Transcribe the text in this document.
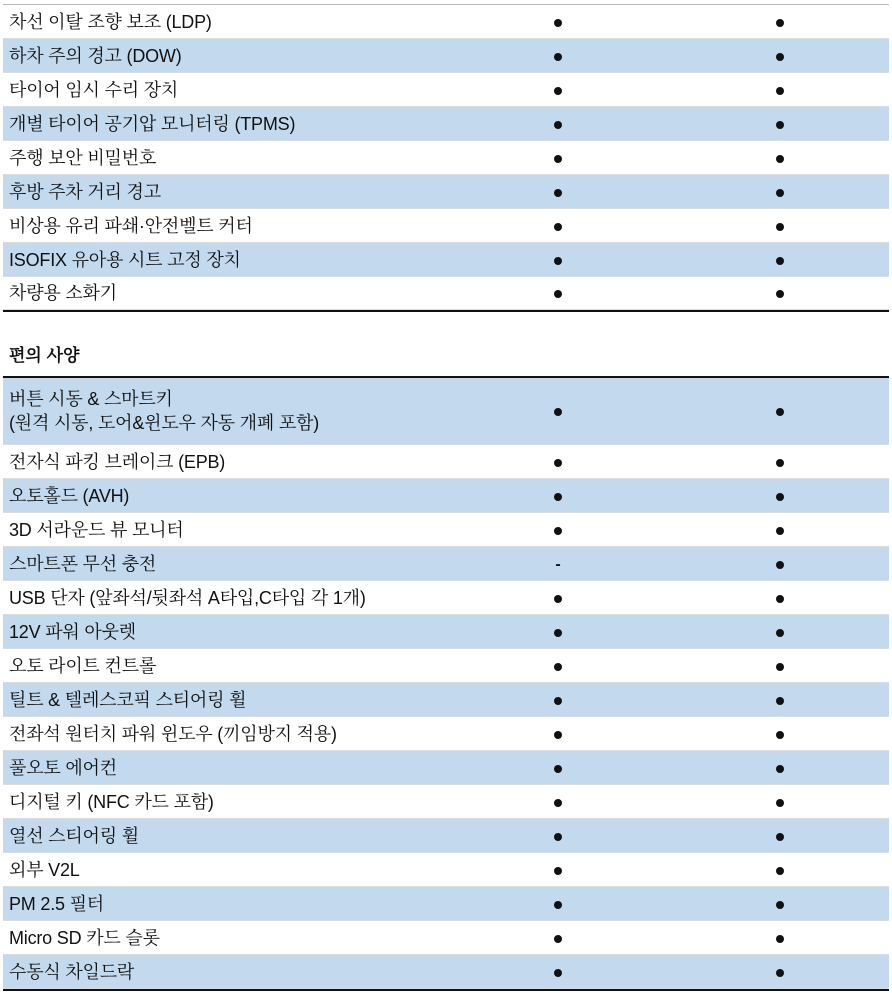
차선 이탈 조향 보조 (LDP)
하차 주의 경고 (DOW)
타이어 임시 수리 장치
개별 타이어 공기압 모니터링 (TPMS)
주행 보안 비밀번호
후방 주차 거리 경고
비상용 유리 파쇄·안전벨트 커터
ISOFIX 유아용 시트 고정 장치
차량용 소화기
편의 사양
버튼 시동 & 스마트키
(원격 시동, 도어&윈도우 자동 개폐 포함)
전자식 파킹 브레이크 (EPB)
오토홀드 (AVH)
3D 서라운드 뷰 모니터
스마트폰 무선 충전	-
USB 단자 (앞좌석/뒷좌석 A타입,C타입 각 1개)
12V 파워 아웃렛
오토 라이트 컨트롤
틸트 & 텔레스코픽 스티어링 휠
전좌석 원터치 파워 윈도우 (끼임방지 적용)
풀오토 에어컨
디지털 키 (NFC 카드 포함)
열선 스티어링 휠
외부 V2L
PM 2.5 필터
Micro SD 카드 슬롯
수동식 차일드락
